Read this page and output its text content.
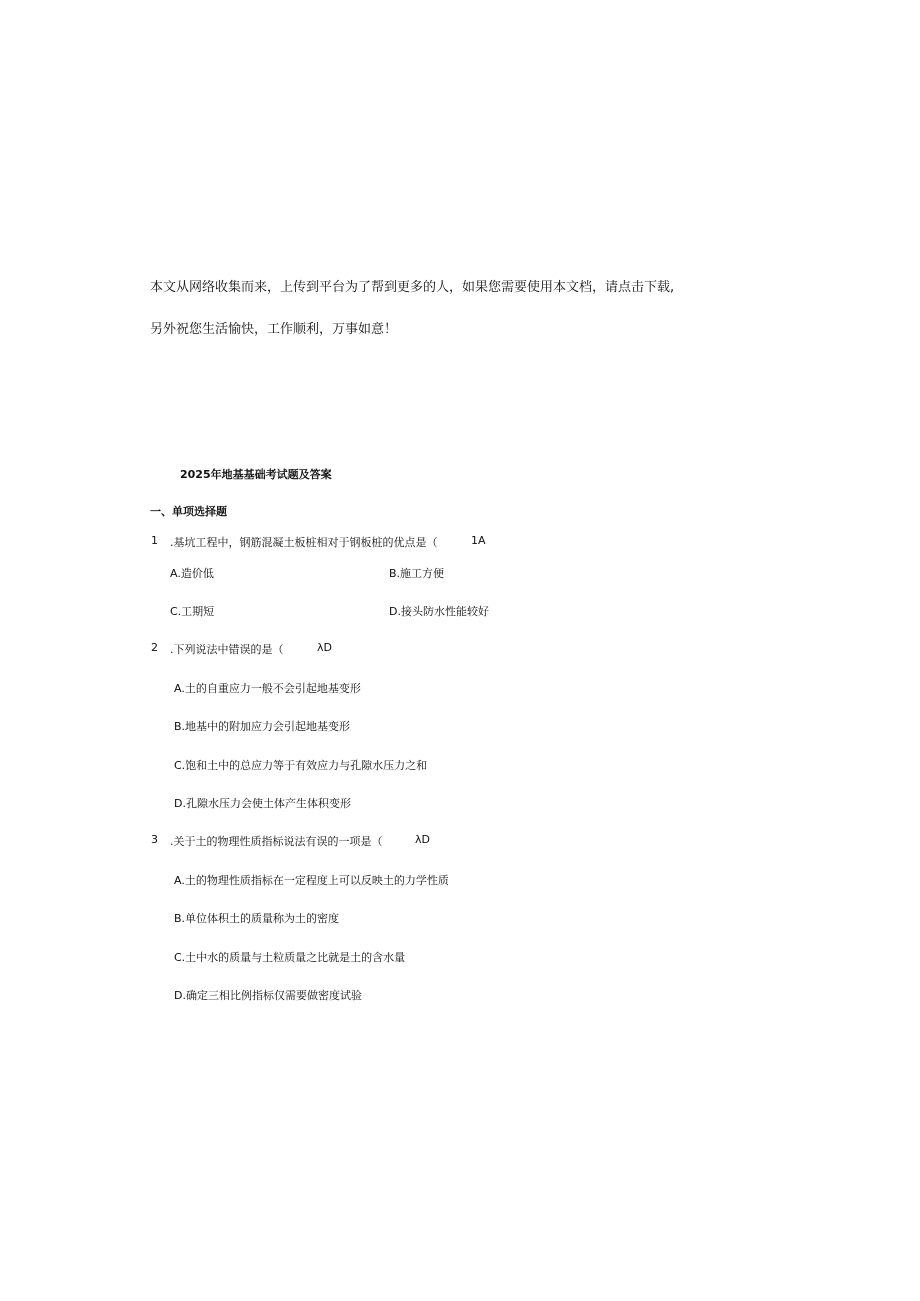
本文从网络收集而来，上传到平台为了帮到更多的人，如果您需要使用本文档，请点击下载,
另外祝您生活愉快，工作顺利，万事如意！
2025年地基基础考试题及答案
一、单项选择题
1 .基坑工程中，钢筋混凝土板桩相对于钢板桩的优点是（	1A
A.造价低	B.施工方便
C.工期短	D.接头防水性能较好
2 .下列说法中错误的是（	λD
A.土的自重应力一般不会引起地基变形
B.地基中的附加应力会引起地基变形
C.饱和土中的总应力等于有效应力与孔隙水压力之和
D.孔隙水压力会使土体产生体积变形
3 .关于土的物理性质指标说法有误的一项是（	λD
A.土的物理性质指标在一定程度上可以反映土的力学性质
B.单位体积土的质量称为土的密度
C.土中水的质量与土粒质量之比就是土的含水量
D.确定三相比例指标仅需要做密度试验
